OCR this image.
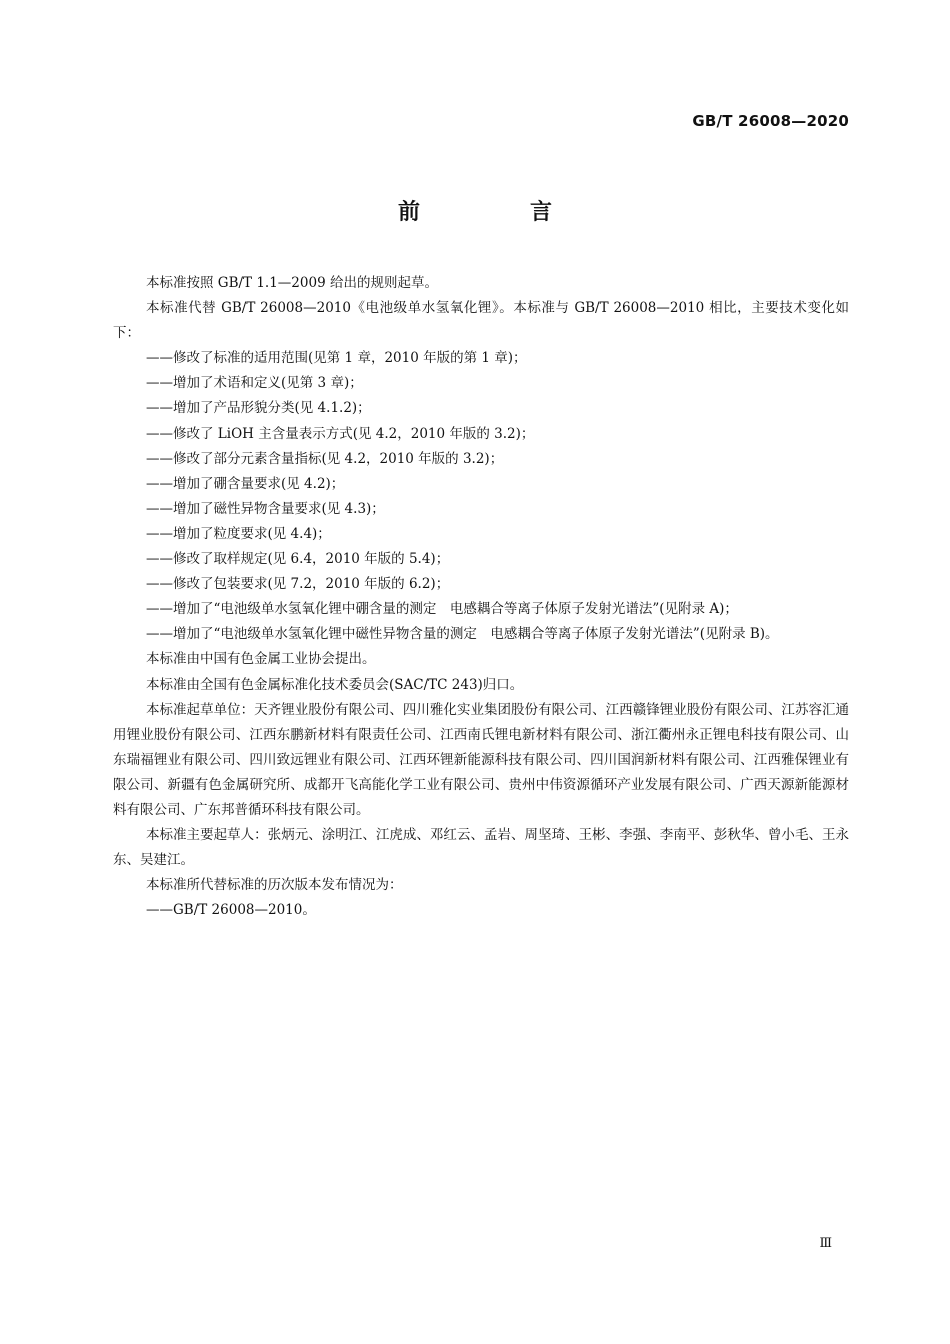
GB/T 26008—2020
前　言

本标准按照 GB/T 1.1—2009 给出的规则起草。

本标准代替 GB/T 26008—2010《电池级单水氢氧化锂》。本标准与 GB/T 26008—2010 相比，主要技术变化如下：

——修改了标准的适用范围(见第 1 章，2010 年版的第 1 章)；

——增加了术语和定义(见第 3 章)；

——增加了产品形貌分类(见 4.1.2)；

——修改了 LiOH 主含量表示方式(见 4.2，2010 年版的 3.2)；

——修改了部分元素含量指标(见 4.2，2010 年版的 3.2)；

——增加了硼含量要求(见 4.2)；

——增加了磁性异物含量要求(见 4.3)；

——增加了粒度要求(见 4.4)；

——修改了取样规定(见 6.4，2010 年版的 5.4)；

——修改了包装要求(见 7.2，2010 年版的 6.2)；

——增加了“电池级单水氢氧化锂中硼含量的测定　电感耦合等离子体原子发射光谱法”(见附录 A)；

——增加了“电池级单水氢氧化锂中磁性异物含量的测定　电感耦合等离子体原子发射光谱法”(见附录 B)。

本标准由中国有色金属工业协会提出。

本标准由全国有色金属标准化技术委员会(SAC/TC 243)归口。

本标准起草单位：天齐锂业股份有限公司、四川雅化实业集团股份有限公司、江西赣锋锂业股份有限公司、江苏容汇通用锂业股份有限公司、江西东鹏新材料有限责任公司、江西南氏锂电新材料有限公司、浙江衢州永正锂电科技有限公司、山东瑞福锂业有限公司、四川致远锂业有限公司、江西环锂新能源科技有限公司、四川国润新材料有限公司、江西雅保锂业有限公司、新疆有色金属研究所、成都开飞高能化学工业有限公司、贵州中伟资源循环产业发展有限公司、广西天源新能源材料有限公司、广东邦普循环科技有限公司。

本标准主要起草人：张炳元、涂明江、江虎成、邓红云、孟岩、周坚琦、王彬、李强、李南平、彭秋华、曾小毛、王永东、吴建江。

本标准所代替标准的历次版本发布情况为：

——GB/T 26008—2010。

Ⅲ
